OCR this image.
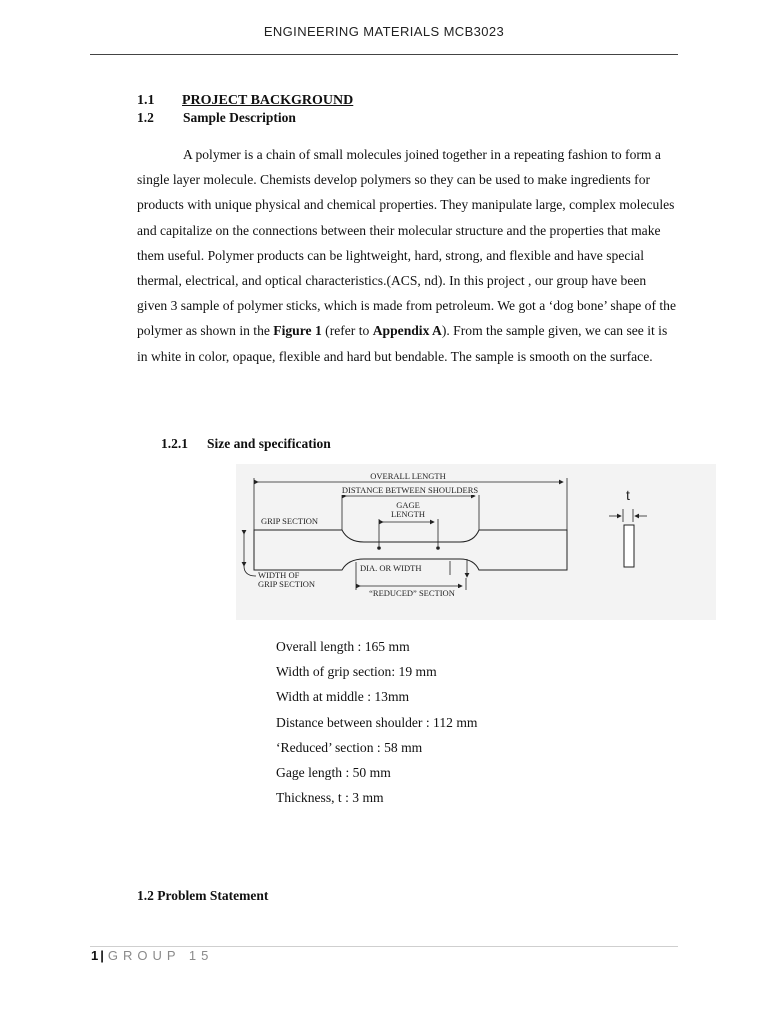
ENGINEERING MATERIALS MCB3023
1.1 PROJECT BACKGROUND
1.2 Sample Description

A polymer is a chain of small molecules joined together in a repeating fashion to form a single layer molecule. Chemists develop polymers so they can be used to make ingredients for products with unique physical and chemical properties. They manipulate large, complex molecules and capitalize on the connections between their molecular structure and the properties that make them useful. Polymer products can be lightweight, hard, strong, and flexible and have special thermal, electrical, and optical characteristics.(ACS, nd). In this project , our group have been given 3 sample of polymer sticks, which is made from petroleum. We got a ‘dog bone’ shape of the polymer as shown in the Figure 1 (refer to Appendix A). From the sample given, we can see it is in white in color, opaque, flexible and hard but bendable. The sample is smooth on the surface.

1.2.1 Size and specification
OVERALL LENGTH
DISTANCE BETWEEN SHOULDERS
GAGE
LENGTH
GRIP SECTION
WIDTH OF
GRIP SECTION
DIA. OR WIDTH
“REDUCED” SECTION
t
Overall length : 165 mm
Width of grip section: 19 mm
Width at middle : 13mm
Distance between shoulder : 112 mm
‘Reduced’ section : 58 mm
Gage length : 50 mm
Thickness, t : 3 mm
1.2 Problem Statement
1 | GROUP 15
